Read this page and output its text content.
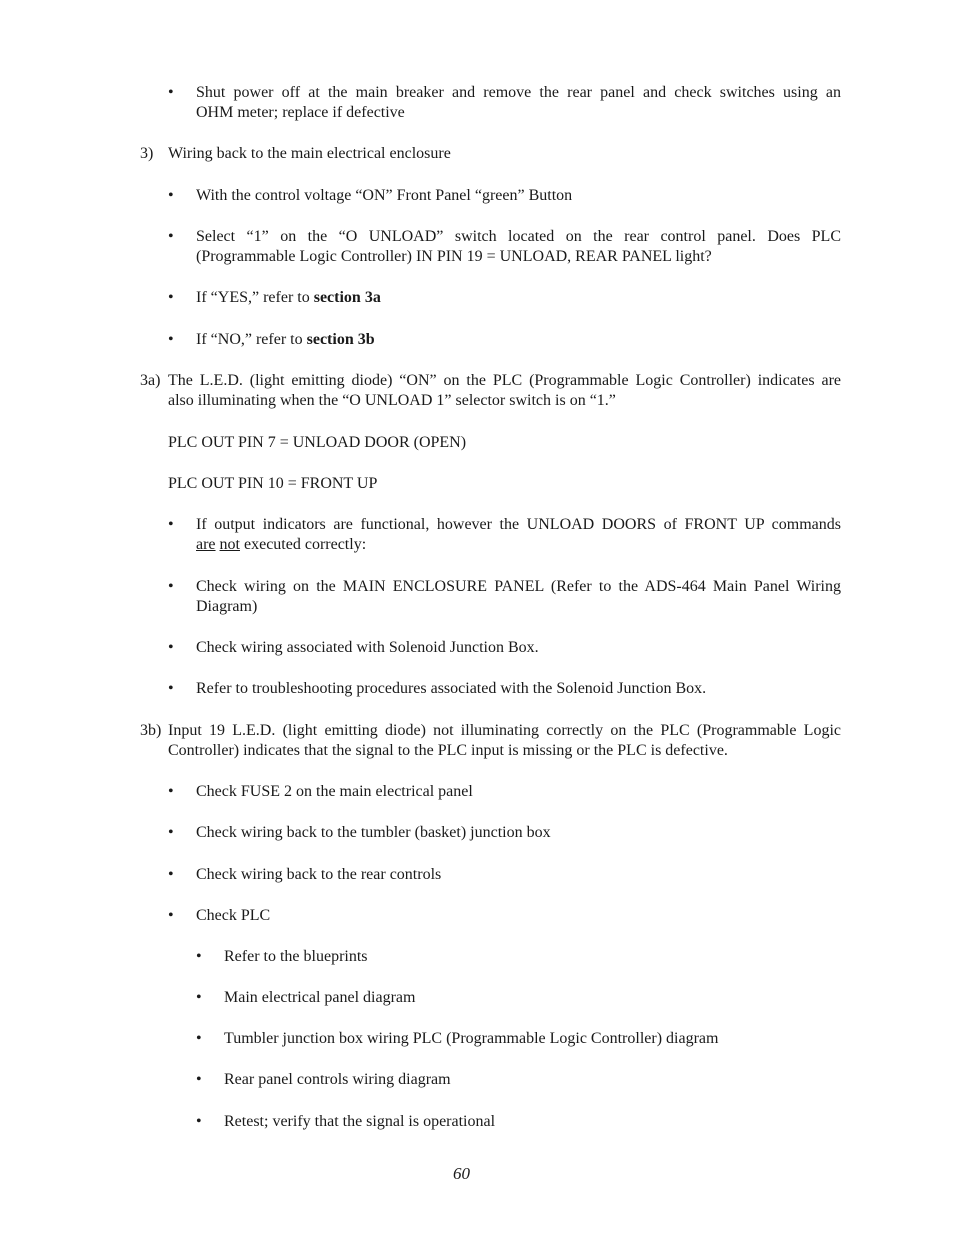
• Shut power off at the main breaker and remove the rear panel and check switches using an
OHM meter; replace if defective
3) Wiring back to the main electrical enclosure
• With the control voltage “ON” Front Panel “green” Button
• Select “1” on the “O UNLOAD” switch located on the rear control panel. Does PLC
(Programmable Logic Controller) IN PIN 19 = UNLOAD, REAR PANEL light?
• If “YES,” refer to section 3a
• If “NO,” refer to section 3b
3a) The L.E.D. (light emitting diode) “ON” on the PLC (Programmable Logic Controller) indicates are
also illuminating when the “O UNLOAD 1” selector switch is on “1.”
PLC OUT PIN 7 = UNLOAD DOOR (OPEN)
PLC OUT PIN 10 = FRONT UP
• If output indicators are functional, however the UNLOAD DOORS of FRONT UP commands
are not executed correctly:
• Check wiring on the MAIN ENCLOSURE PANEL (Refer to the ADS-464 Main Panel Wiring
Diagram)
• Check wiring associated with Solenoid Junction Box.
• Refer to troubleshooting procedures associated with the Solenoid Junction Box.
3b) Input 19 L.E.D. (light emitting diode) not illuminating correctly on the PLC (Programmable Logic
Controller) indicates that the signal to the PLC input is missing or the PLC is defective.
• Check FUSE 2 on the main electrical panel
• Check wiring back to the tumbler (basket) junction box
• Check wiring back to the rear controls
• Check PLC
• Refer to the blueprints
• Main electrical panel diagram
• Tumbler junction box wiring PLC (Programmable Logic Controller) diagram
• Rear panel controls wiring diagram
• Retest; verify that the signal is operational
60
